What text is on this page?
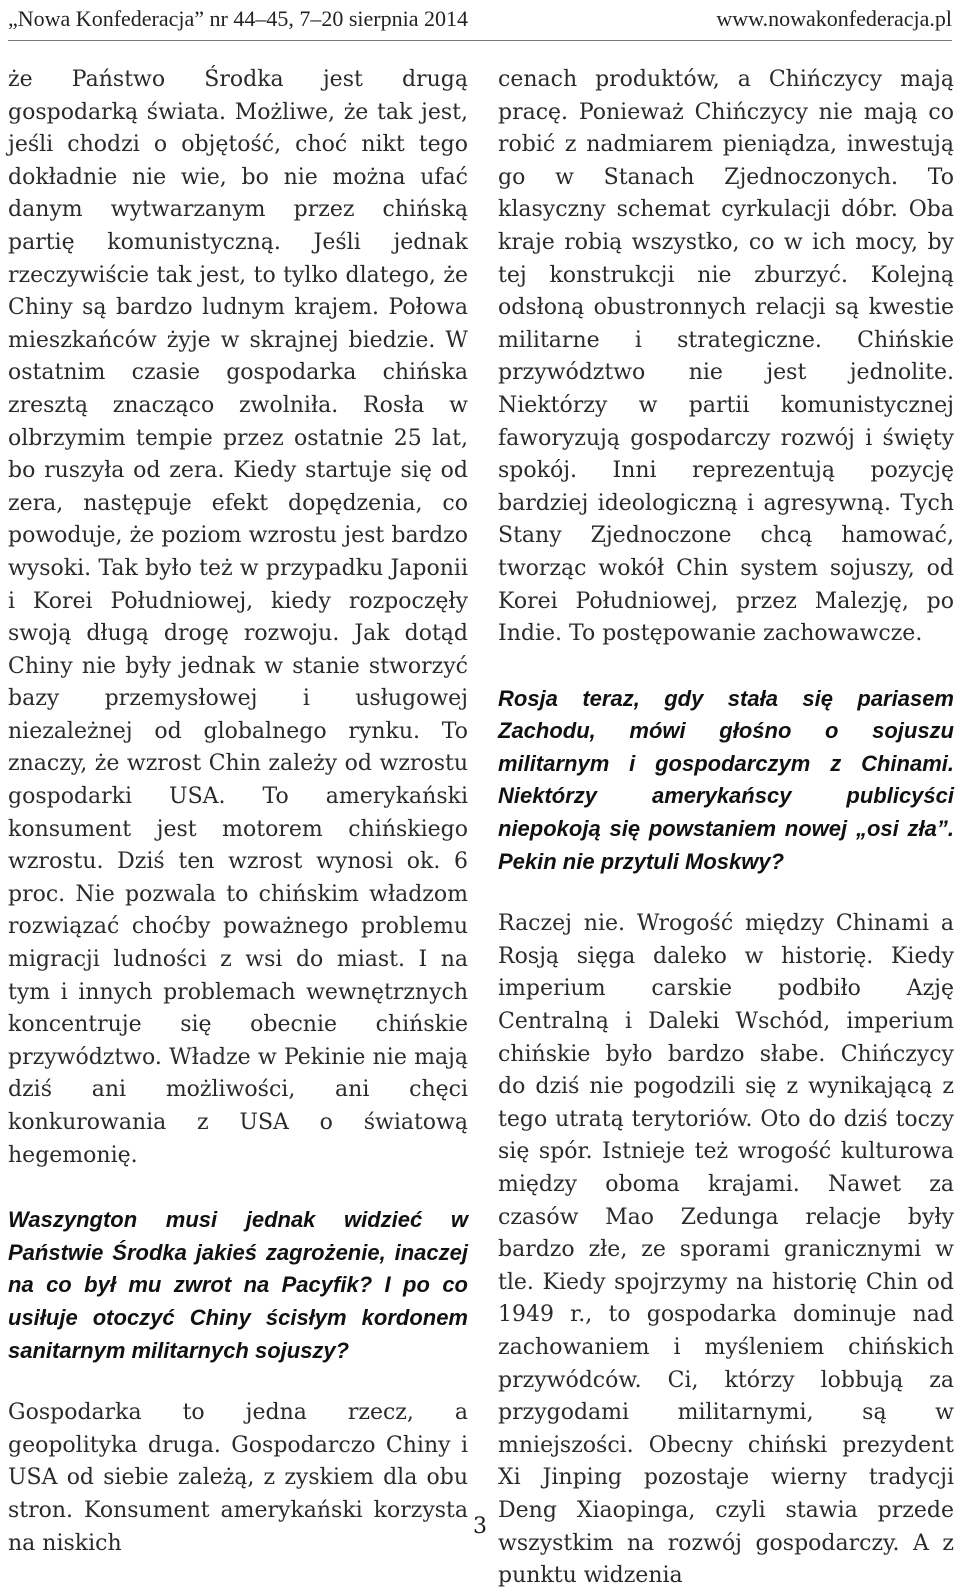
„Nowa Konfederacja” nr 44–45, 7–20 sierpnia 2014	www.nowakonfederacja.pl

że Państwo Środka jest drugą gospodarką świata. Możliwe, że tak jest, jeśli chodzi o objętość, choć nikt tego dokładnie nie wie, bo nie można ufać danym wytwarzanym przez chińską partię komunistyczną. Jeśli jednak rzeczywiście tak jest, to tylko dlatego, że Chiny są bardzo ludnym krajem. Połowa mieszkańców żyje w skrajnej biedzie. W ostatnim czasie gospodarka chińska zresztą znacząco zwolniła. Rosła w olbrzymim tempie przez ostatnie 25 lat, bo ruszyła od zera. Kiedy startuje się od zera, następuje efekt dopędzenia, co powoduje, że poziom wzrostu jest bardzo wysoki. Tak było też w przypadku Japonii i Korei Południowej, kiedy rozpoczęły swoją długą drogę rozwoju. Jak dotąd Chiny nie były jednak w stanie stworzyć bazy przemysłowej i usługowej niezależnej od globalnego rynku. To znaczy, że wzrost Chin zależy od wzrostu gospodarki USA. To amerykański konsument jest motorem chińskiego wzrostu. Dziś ten wzrost wynosi ok. 6 proc. Nie pozwala to chińskim władzom rozwiązać choćby poważnego problemu migracji ludności z wsi do miast. I na tym i innych problemach wewnętrznych koncentruje się obecnie chińskie przywództwo. Władze w Pekinie nie mają dziś ani możliwości, ani chęci konkurowania z USA o światową hegemonię.

Waszyngton musi jednak widzieć w Państwie Środka jakieś zagrożenie, inaczej na co był mu zwrot na Pacyfik? I po co usiłuje otoczyć Chiny ścisłym kordonem sanitarnym militarnych sojuszy?

Gospodarka to jedna rzecz, a geopolityka druga. Gospodarczo Chiny i USA od siebie zależą, z zyskiem dla obu stron. Konsument amerykański korzysta na niskich

cenach produktów, a Chińczycy mają pracę. Ponieważ Chińczycy nie mają co robić z nadmiarem pieniądza, inwestują go w Stanach Zjednoczonych. To klasyczny schemat cyrkulacji dóbr. Oba kraje robią wszystko, co w ich mocy, by tej konstrukcji nie zburzyć. Kolejną odsłoną obustronnych relacji są kwestie militarne i strategiczne. Chińskie przywództwo nie jest jednolite. Niektórzy w partii komunistycznej faworyzują gospodarczy rozwój i święty spokój. Inni reprezentują pozycję bardziej ideologiczną i agresywną. Tych Stany Zjednoczone chcą hamować, tworząc wokół Chin system sojuszy, od Korei Południowej, przez Malezję, po Indie. To postępowanie zachowawcze.

Rosja teraz, gdy stała się pariasem Zachodu, mówi głośno o sojuszu militarnym i gospodarczym z Chinami. Niektórzy amerykańscy publicyści niepokoją się powstaniem nowej „osi zła”. Pekin nie przytuli Moskwy?

Raczej nie. Wrogość między Chinami a Rosją sięga daleko w historię. Kiedy imperium carskie podbiło Azję Centralną i Daleki Wschód, imperium chińskie było bardzo słabe. Chińczycy do dziś nie pogodzili się z wynikającą z tego utratą terytoriów. Oto do dziś toczy się spór. Istnieje też wrogość kulturowa między oboma krajami. Nawet za czasów Mao Zedunga relacje były bardzo złe, ze sporami granicznymi w tle. Kiedy spojrzymy na historię Chin od 1949 r., to gospodarka dominuje nad zachowaniem i myśleniem chińskich przywódców. Ci, którzy lobbują za przygodami militarnymi, są w mniejszości. Obecny chiński prezydent Xi Jinping pozostaje wierny tradycji Deng Xiaopinga, czyli stawia przede wszystkim na rozwój gospodarczy. A z punktu widzenia

3
